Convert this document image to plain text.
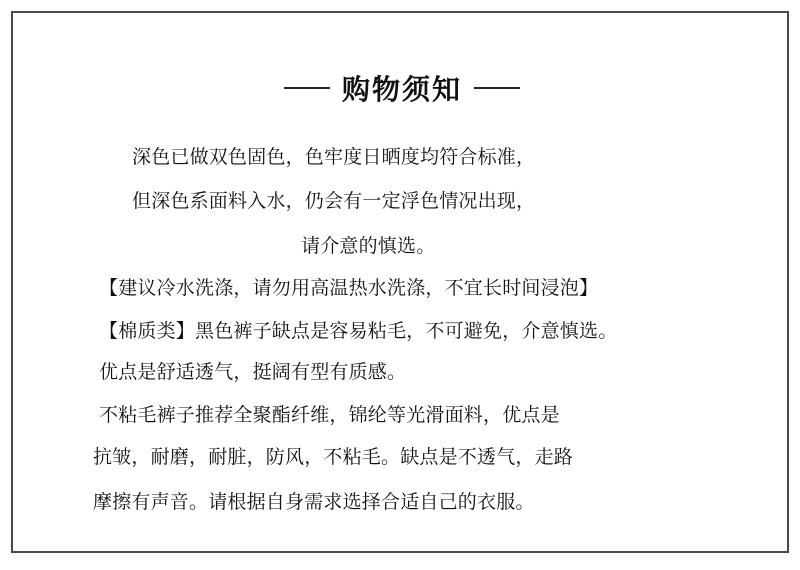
购物须知
深色已做双色固色，色牢度日晒度均符合标准，
但深色系面料入水，仍会有一定浮色情况出现，
请介意的慎选。
【建议冷水洗涤，请勿用高温热水洗涤，不宜长时间浸泡】
【棉质类】黑色裤子缺点是容易粘毛，不可避免，介意慎选。
优点是舒适透气，挺阔有型有质感。
不粘毛裤子推荐全聚酯纤维，锦纶等光滑面料，优点是
抗皱，耐磨，耐脏，防风，不粘毛。缺点是不透气，走路
摩擦有声音。请根据自身需求选择合适自己的衣服。
